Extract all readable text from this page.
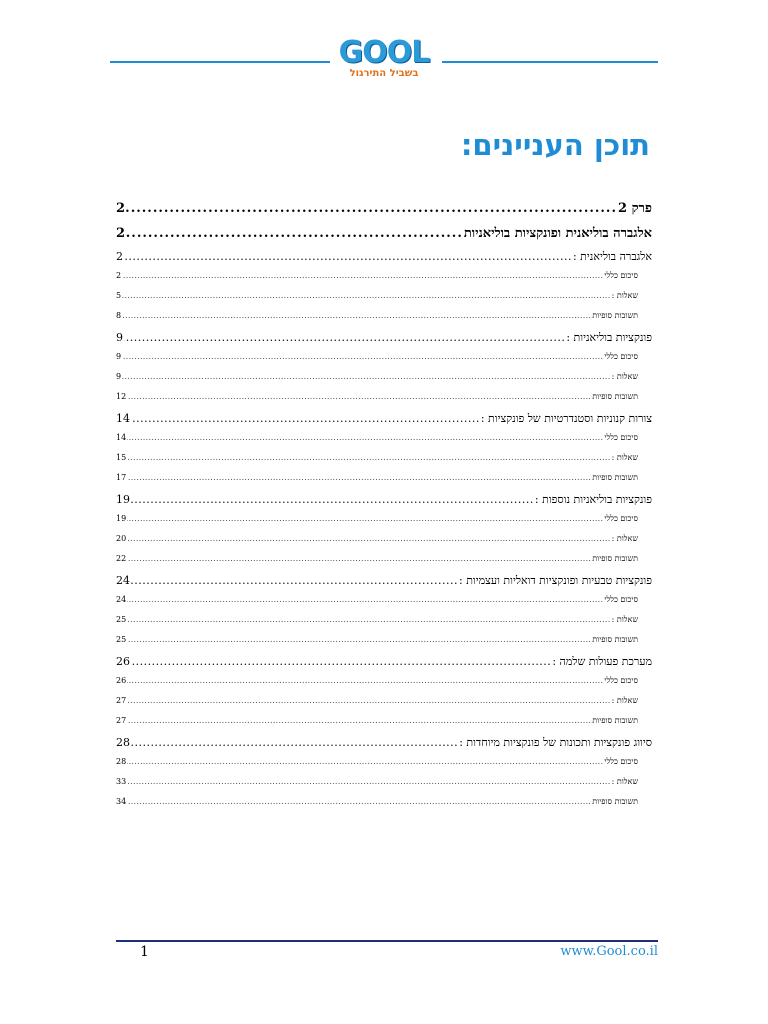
GOOL
בשביל התירגול
תוכן העניינים:
פרק 2
.....
2
אלגברה בוליאנית ופונקציות בוליאניות
.....
2
אלגברה בוליאנית :
.....
2
סיכום כללי
.....
2
שאלות :
.....
5
תשובות סופיות
.....
8
פונקציות בוליאניות :
.....
9
סיכום כללי
.....
9
שאלות :
.....
9
תשובות סופיות
.....
12
צורות קנוניות וסטנדרטיות של פונקציות :
.....
14
סיכום כללי
.....
14
שאלות :
.....
15
תשובות סופיות
.....
17
פונקציות בוליאניות נוספות :
.....
19
סיכום כללי
.....
19
שאלות :
.....
20
תשובות סופיות
.....
22
פונקציות טבעיות ופונקציות דואליות ועצמיות :
.....
24
סיכום כללי
.....
24
שאלות :
.....
25
תשובות סופיות
.....
25
מערכת פעולות שלמה :
.....
26
סיכום כללי
.....
26
שאלות :
.....
27
תשובות סופיות
.....
27
סיווג פונקציות ותכונות של פונקציות מיוחדות :
.....
28
סיכום כללי
.....
28
שאלות :
.....
33
תשובות סופיות
.....
34
1	www.Gool.co.il
